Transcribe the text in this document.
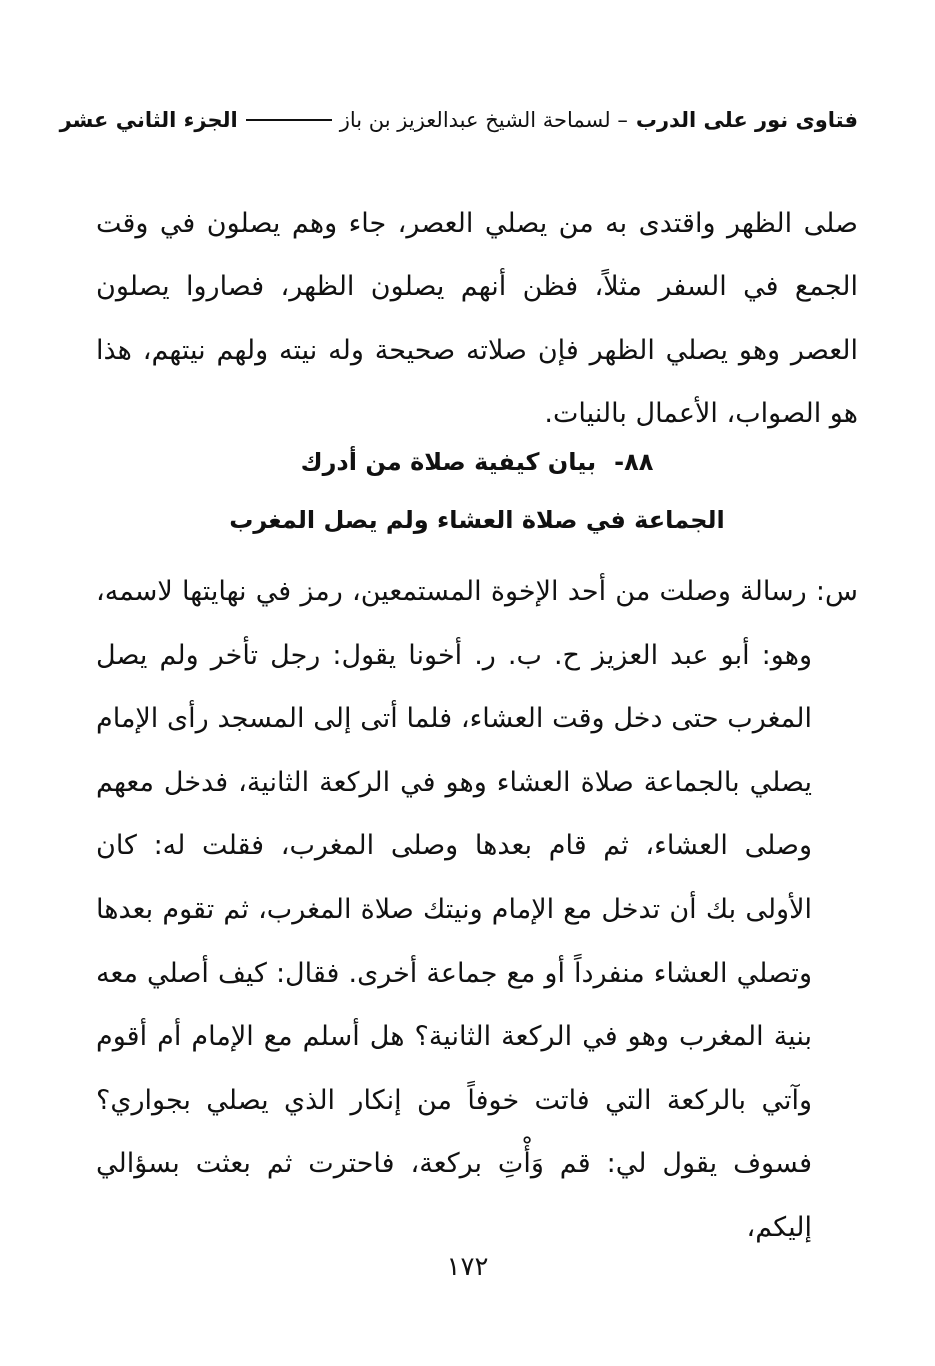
فتاوى نور على الدرب
– لسماحة الشيخ عبدالعزيز بن باز
الجزء الثاني عشر

صلى الظهر واقتدى به من يصلي العصر، جاء وهم يصلون في وقت الجمع في السفر مثلاً، فظن أنهم يصلون الظهر، فصاروا يصلون العصر وهو يصلي الظهر فإن صلاته صحيحة وله نيته ولهم نيتهم، هذا هو الصواب، الأعمال بالنيات.

٨٨-بيان كيفية صلاة من أدرك
الجماعة في صلاة العشاء ولم يصل المغرب

س: رسالة وصلت من أحد الإخوة المستمعين، رمز في نهايتها لاسمه،

وهو: أبو عبد العزيز ح. ب. ر. أخونا يقول: رجل تأخر ولم يصل المغرب حتى دخل وقت العشاء، فلما أتى إلى المسجد رأى الإمام يصلي بالجماعة صلاة العشاء وهو في الركعة الثانية، فدخل معهم وصلى العشاء، ثم قام بعدها وصلى المغرب، فقلت له: كان الأولى بك أن تدخل مع الإمام ونيتك صلاة المغرب، ثم تقوم بعدها وتصلي العشاء منفرداً أو مع جماعة أخرى. فقال: كيف أصلي معه بنية المغرب وهو في الركعة الثانية؟ هل أسلم مع الإمام أم أقوم وآتي بالركعة التي فاتت خوفاً من إنكار الذي يصلي بجواري؟ فسوف يقول لي: قم وَأْتِ بركعة، فاحترت ثم بعثت بسؤالي إليكم،

١٧٢
